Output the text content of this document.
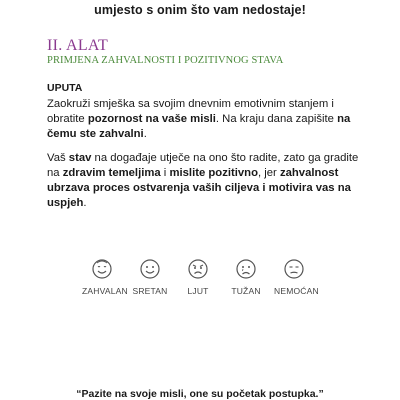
umjesto s onim što vam nedostaje!
II. ALAT
PRIMJENA ZAHVALNOSTI I POZITIVNOG STAVA
UPUTA
Zaokruži smješka sa svojim dnevnim emotivnim stanjem i obratite pozornost na vaše misli. Na kraju dana zapišite na čemu ste zahvalni.
Vaš stav na događaje utječe na ono što radite, zato ga gradite na zdravim temeljima i mislite pozitivno, jer zahvalnost ubrzava proces ostvarenja vaših ciljeva i motivira vas na uspjeh.
ZAHVALAN SRETAN	LJUT	TUŽAN	NEMOĆAN
“Pazite na svoje misli, one su početak postupka.”
